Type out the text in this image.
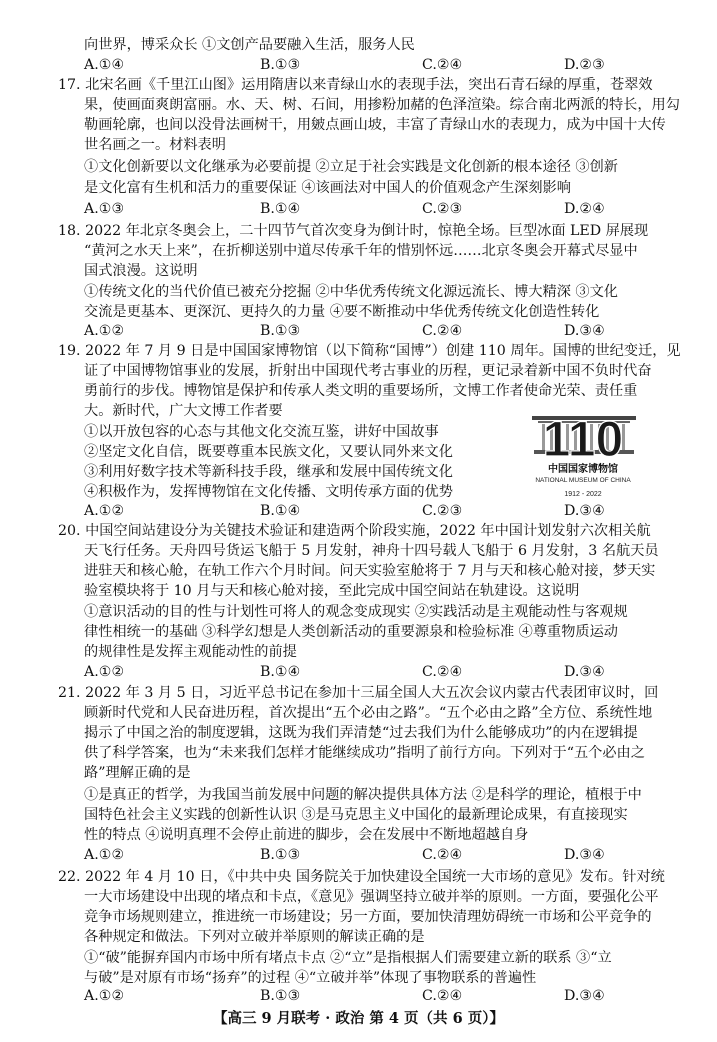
向世界，博采众长 ①文创产品要融入生活，服务人民
A.①④	B.①③	C.②④	D.②③
17. 北宋名画《千里江山图》运用隋唐以来青绿山水的表现手法，突出石青石绿的厚重，苍翠效
果，使画面爽朗富丽。水、天、树、石间，用掺粉加赭的色泽渲染。综合南北两派的特长，用勾
勒画轮廓，也间以没骨法画树干，用皴点画山坡，丰富了青绿山水的表现力，成为中国十大传
世名画之一。材料表明
①文化创新要以文化继承为必要前提 ②立足于社会实践是文化创新的根本途径 ③创新
是文化富有生机和活力的重要保证 ④该画法对中国人的价值观念产生深刻影响
A.①③	B.①④	C.②③	D.②④
18. 2022 年北京冬奥会上，二十四节气首次变身为倒计时，惊艳全场。巨型冰面 LED 屏展现
“黄河之水天上来”，在折柳送别中道尽传承千年的惜别怀远……北京冬奥会开幕式尽显中
国式浪漫。这说明
①传统文化的当代价值已被充分挖掘 ②中华优秀传统文化源远流长、博大精深 ③文化
交流是更基本、更深沉、更持久的力量 ④要不断推动中华优秀传统文化创造性转化
A.①②	B.①③	C.②④	D.③④
19. 2022 年 7 月 9 日是中国国家博物馆（以下简称“国博”）创建 110 周年。国博的世纪变迁，见
证了中国博物馆事业的发展，折射出中国现代考古事业的历程，更记录着新中国不负时代奋
勇前行的步伐。博物馆是保护和传承人类文明的重要场所，文博工作者使命光荣、责任重
大。新时代，广大文博工作者要
①以开放包容的心态与其他文化交流互鉴，讲好中国故事
②坚定文化自信，既要尊重本民族文化，又要认同外来文化
③利用好数字技术等新科技手段，继承和发展中国传统文化
④积极作为，发挥博物馆在文化传播、文明传承方面的优势
A.①②	B.①④	C.②③	D.③④
110
中国国家博物馆
NATIONAL MUSEUM OF CHINA
1912 - 2022
20. 中国空间站建设分为关键技术验证和建造两个阶段实施，2022 年中国计划发射六次相关航
天飞行任务。天舟四号货运飞船于 5 月发射，神舟十四号载人飞船于 6 月发射，3 名航天员
进驻天和核心舱，在轨工作六个月时间。问天实验室舱将于 7 月与天和核心舱对接，梦天实
验室模块将于 10 月与天和核心舱对接，至此完成中国空间站在轨建设。这说明
①意识活动的目的性与计划性可将人的观念变成现实 ②实践活动是主观能动性与客观规
律性相统一的基础 ③科学幻想是人类创新活动的重要源泉和检验标准 ④尊重物质运动
的规律性是发挥主观能动性的前提
A.①②	B.①④	C.②④	D.③④
21. 2022 年 3 月 5 日，习近平总书记在参加十三届全国人大五次会议内蒙古代表团审议时，回
顾新时代党和人民奋进历程，首次提出“五个必由之路”。“五个必由之路”全方位、系统性地
揭示了中国之治的制度逻辑，这既为我们弄清楚“过去我们为什么能够成功”的内在逻辑提
供了科学答案，也为“未来我们怎样才能继续成功”指明了前行方向。下列对于“五个必由之
路”理解正确的是
①是真正的哲学，为我国当前发展中问题的解决提供具体方法 ②是科学的理论，植根于中
国特色社会主义实践的创新性认识 ③是马克思主义中国化的最新理论成果，有直接现实
性的特点 ④说明真理不会停止前进的脚步，会在发展中不断地超越自身
A.①②	B.①③	C.②④	D.③④
22. 2022 年 4 月 10 日，《中共中央 国务院关于加快建设全国统一大市场的意见》发布。针对统
一大市场建设中出现的堵点和卡点，《意见》强调坚持立破并举的原则。一方面，要强化公平
竞争市场规则建立，推进统一市场建设；另一方面，要加快清理妨碍统一市场和公平竞争的
各种规定和做法。下列对立破并举原则的解读正确的是
①“破”能摒弃国内市场中所有堵点卡点 ②“立”是指根据人们需要建立新的联系 ③“立
与破”是对原有市场“扬弃”的过程 ④“立破并举”体现了事物联系的普遍性
A.①②	B.①③	C.②④	D.③④
【高三 9 月联考 · 政治 第 4 页（共 6 页）】
